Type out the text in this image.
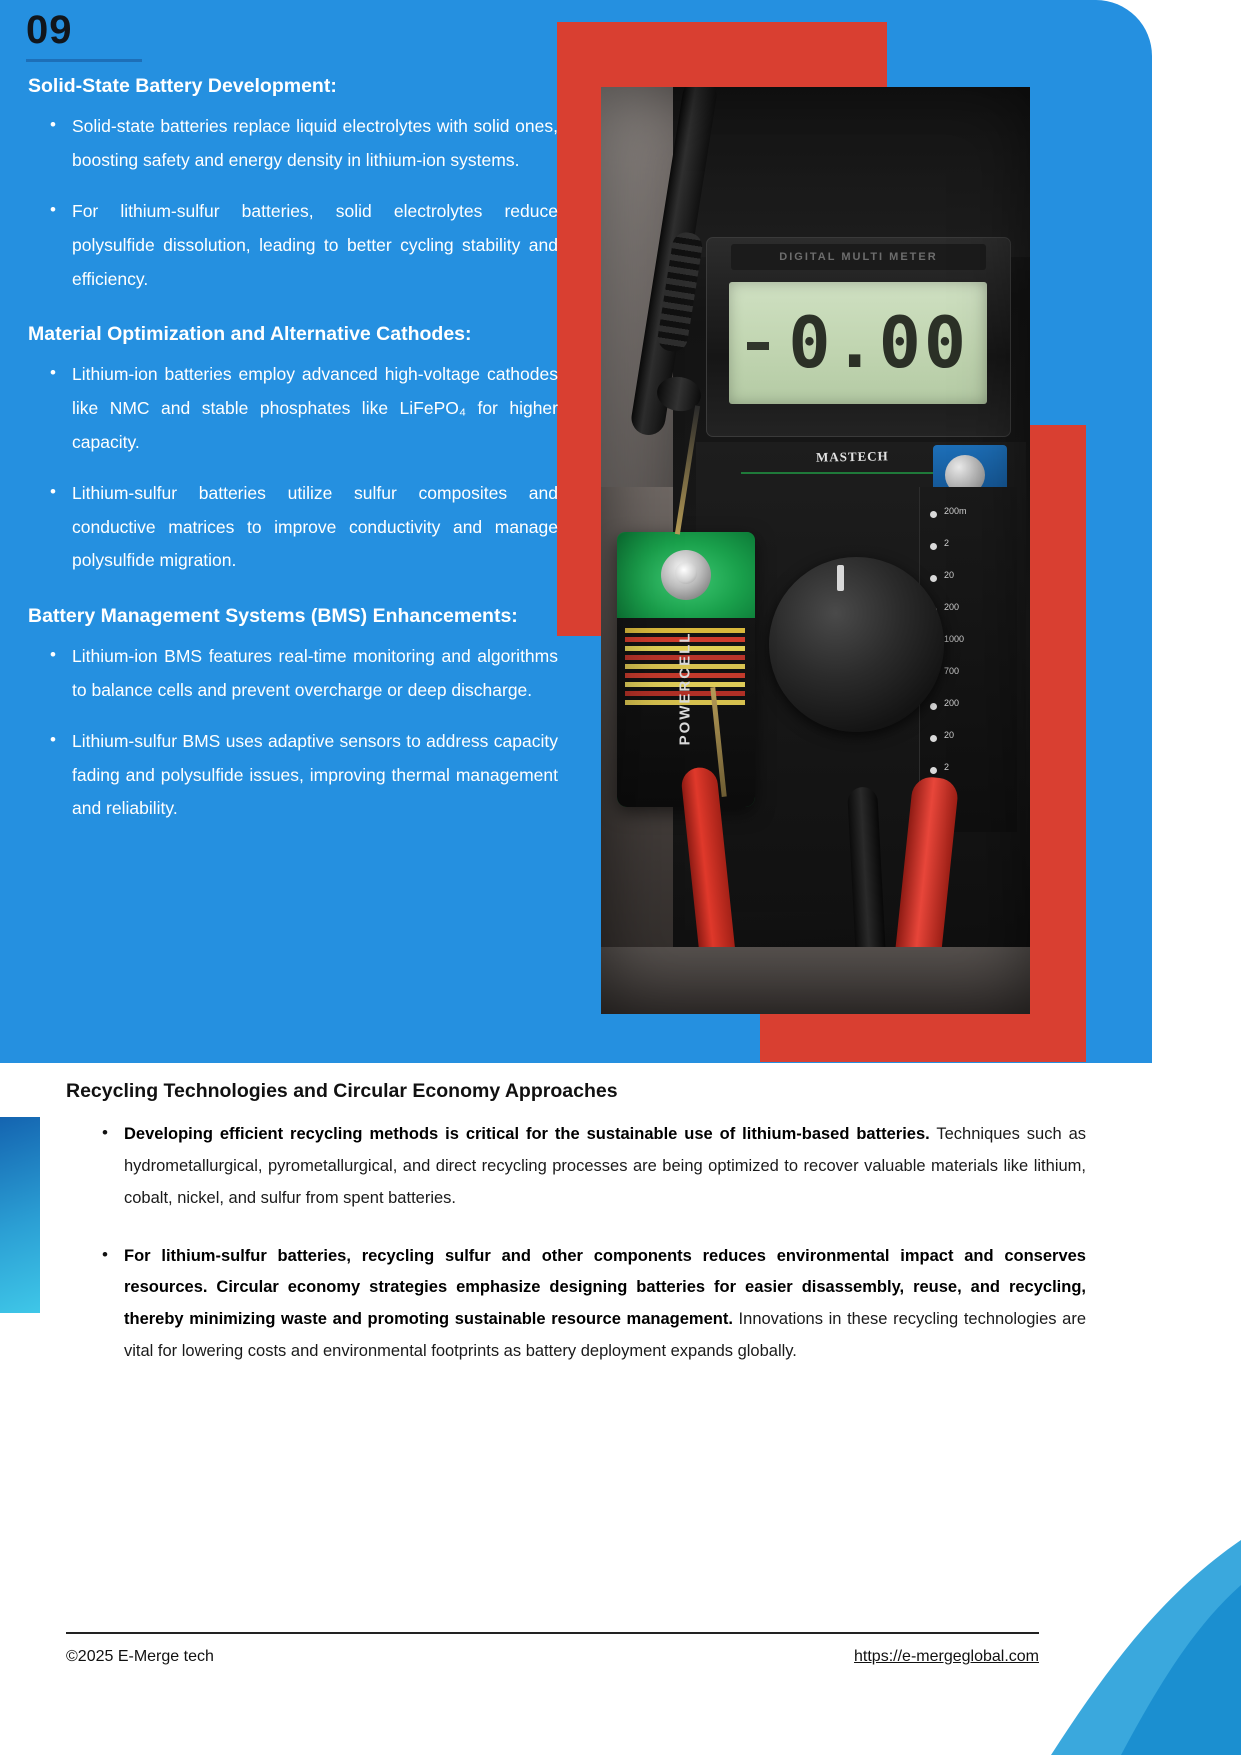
DIGITAL MULTI METER
0.00
MASTECH
200m
2
20
200
1000
700
200
20
2
POWERCELL
09
Solid-State Battery Development:
• Solid-state batteries replace liquid electrolytes with solid ones, boosting safety and energy density in lithium-ion systems.
• For lithium-sulfur batteries, solid electrolytes reduce polysulfide dissolution, leading to better cycling stability and efficiency.
Material Optimization and Alternative Cathodes:
• Lithium-ion batteries employ advanced high-voltage cathodes like NMC and stable phosphates like LiFePO₄ for higher capacity.
• Lithium-sulfur batteries utilize sulfur composites and conductive matrices to improve conductivity and manage polysulfide migration.
Battery Management Systems (BMS) Enhancements:
• Lithium-ion BMS features real-time monitoring and algorithms to balance cells and prevent overcharge or deep discharge.
• Lithium-sulfur BMS uses adaptive sensors to address capacity fading and polysulfide issues, improving thermal management and reliability.
Recycling Technologies and Circular Economy Approaches
• Developing efficient recycling methods is critical for the sustainable use of lithium-based batteries. Techniques such as hydrometallurgical, pyrometallurgical, and direct recycling processes are being optimized to recover valuable materials like lithium, cobalt, nickel, and sulfur from spent batteries.
• For lithium-sulfur batteries, recycling sulfur and other components reduces environmental impact and conserves resources. Circular economy strategies emphasize designing batteries for easier disassembly, reuse, and recycling, thereby minimizing waste and promoting sustainable resource management. Innovations in these recycling technologies are vital for lowering costs and environmental footprints as battery deployment expands globally.
©2025 E-Merge tech	https://e-mergeglobal.com
